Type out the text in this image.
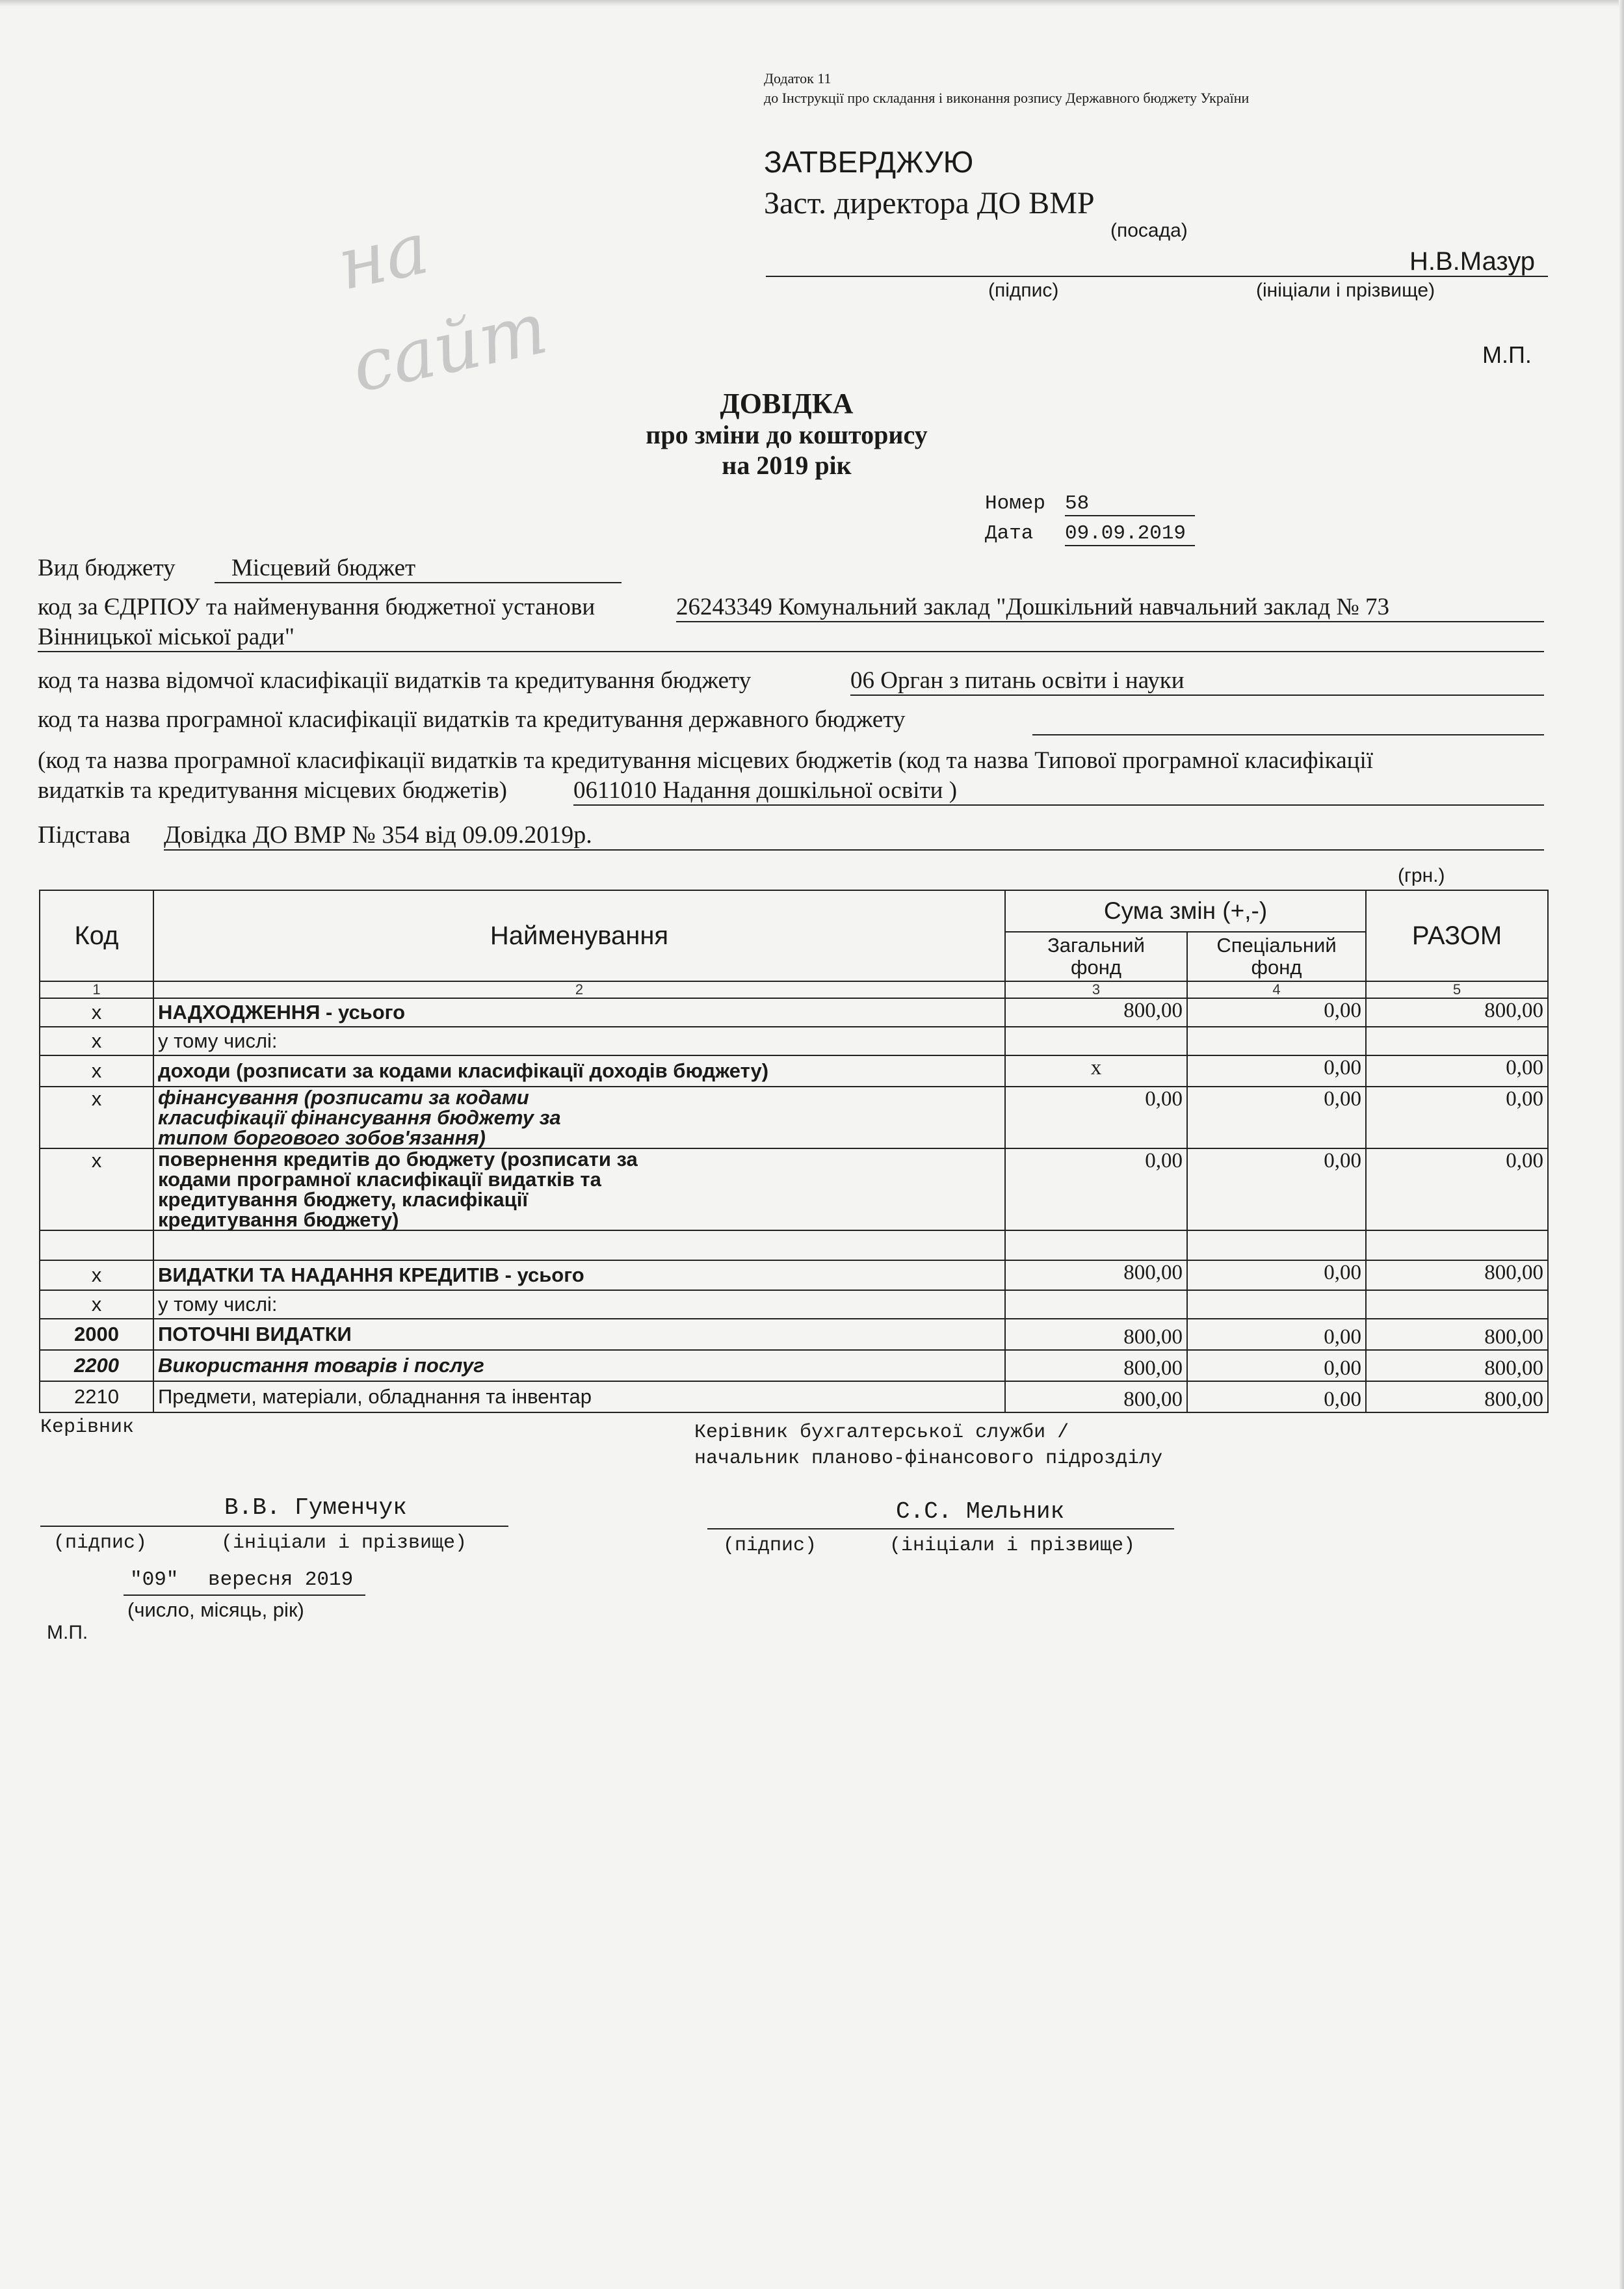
на
сайт
Додаток 11
до Інструкції про складання і виконання розпису Державного бюджету України
ЗАТВЕРДЖУЮ
Заст. директора ДО ВМР
(посада)
Н.В.Мазур
(підпис)	(ініціали і прізвище)
М.П.
ДОВІДКА
про зміни до кошторису
на 2019 рік
Номер 58
Дата 09.09.2019
Вид бюджету	Місцевий бюджет
код за ЄДРПОУ та найменування бюджетної установи	26243349 Комунальний заклад "Дошкільний навчальний заклад № 73
Вінницької міської ради"
код та назва відомчої класифікації видатків та кредитування бюджету	06 Орган з питань освіти і науки
код та назва програмної класифікації видатків та кредитування державного бюджету
(код та назва програмної класифікації видатків та кредитування місцевих бюджетів (код та назва Типової програмної класифікації
видатків та кредитування місцевих бюджетів)	0611010 Надання дошкільної освіти )
Підстава Довідка ДО ВМР № 354 від 09.09.2019р.
(грн.)
Код	Найменування	Сума змін (+,-)		РАЗОМ
		Загальний фонд	Спеціальний фонд	
1	2	3	4	5
х	НАДХОДЖЕННЯ - усього	800,00	0,00	800,00
х	у тому числі:			
х	доходи (розписати за кодами класифікації доходів бюджету)	х	0,00	0,00
х	фінансування (розписати за кодами класифікації фінансування бюджету за типом боргового зобов'язання)	0,00	0,00	0,00
х	повернення кредитів до бюджету (розписати за кодами програмної класифікації видатків та кредитування бюджету, класифікації кредитування бюджету)	0,00	0,00	0,00

х	ВИДАТКИ ТА НАДАННЯ КРЕДИТІВ - усього	800,00	0,00	800,00
х	у тому числі:			
2000	ПОТОЧНІ ВИДАТКИ	800,00	0,00	800,00
2200	Використання товарів і послуг	800,00	0,00	800,00
2210	Предмети, матеріали, обладнання та інвентар	800,00	0,00	800,00
Керівник	Керівник бухгалтерської служби /
начальник планово-фінансового підрозділу
В.В. Гуменчук
(підпис)	(ініціали і прізвище)
С.С. Мельник
(підпис)	(ініціали і прізвище)
"09" вересня 2019
(число, місяць, рік)
М.П.
